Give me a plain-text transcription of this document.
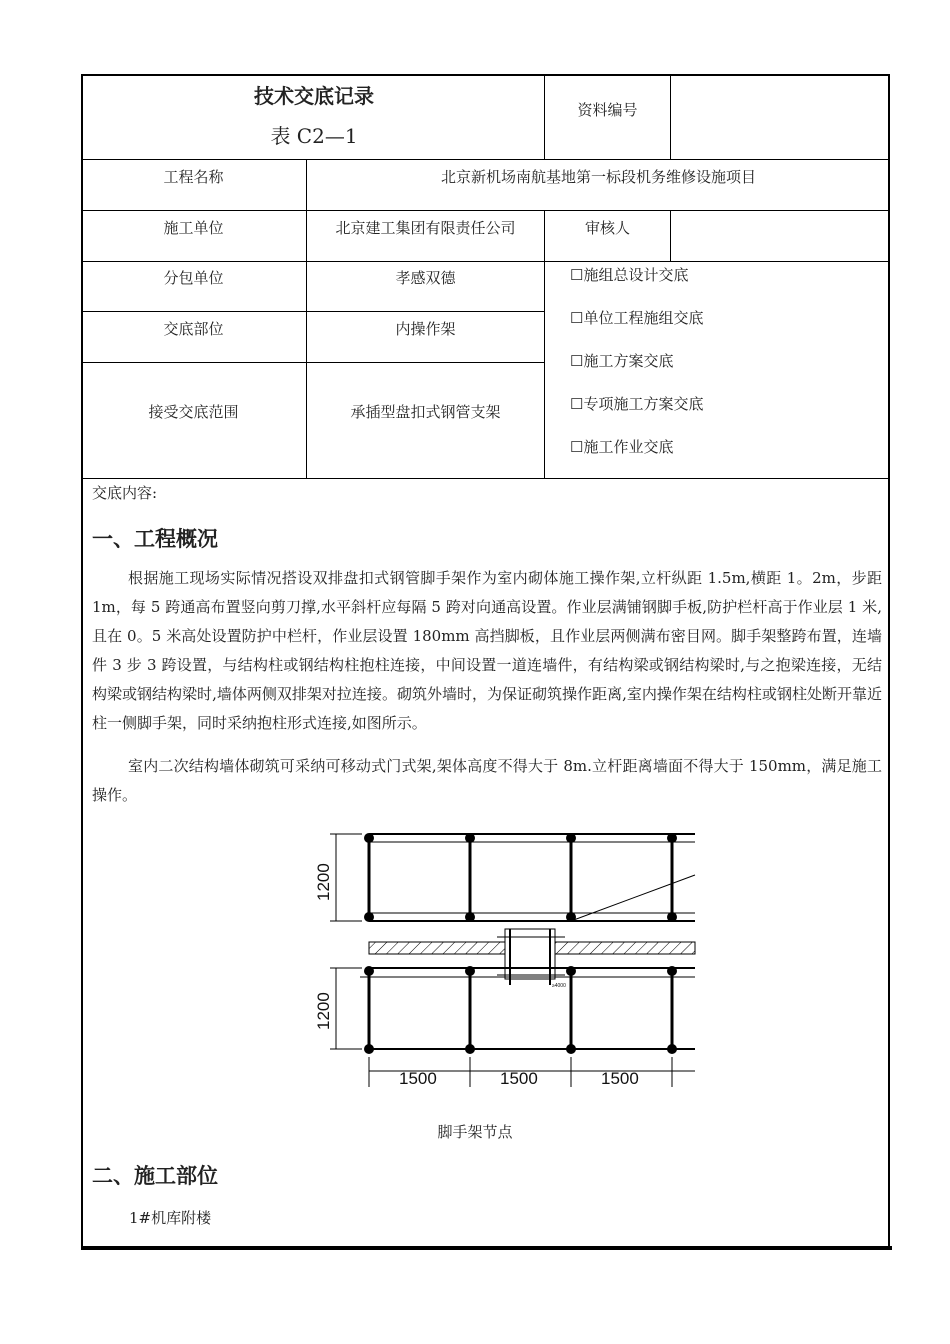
技术交底记录
表 C2—1
资料编号
工程名称	北京新机场南航基地第一标段机务维修设施项目
施工单位	北京建工集团有限责任公司	审核人
分包单位	孝感双德
交底部位	内操作架
接受交底范围	承插型盘扣式钢管支架
☐施组总设计交底
☐单位工程施组交底
☐施工方案交底
☐专项施工方案交底
☐施工作业交底
交底内容:
一、工程概况
根据施工现场实际情况搭设双排盘扣式钢管脚手架作为室内砌体施工操作架,立杆纵距 1.5m,横距 1。2m，步距 1m，每 5 跨通高布置竖向剪刀撑,水平斜杆应每隔 5 跨对向通高设置。作业层满铺钢脚手板,防护栏杆高于作业层 1 米,且在 0。5 米高处设置防护中栏杆，作业层设置 180mm 高挡脚板，且作业层两侧满布密目网。脚手架整跨布置，连墙件 3 步 3 跨设置，与结构柱或钢结构柱抱柱连接，中间设置一道连墙件，有结构梁或钢结构梁时,与之抱梁连接，无结构梁或钢结构梁时,墙体两侧双排架对拉连接。砌筑外墙时，为保证砌筑操作距离,室内操作架在结构柱或钢柱处断开靠近柱一侧脚手架，同时采纳抱柱形式连接,如图所示。
室内二次结构墙体砌筑可采纳可移动式门式架,架体高度不得大于 8m.立杆距离墙面不得大于 150mm，满足施工操作。
1200
1200
1500	1500	1500
≥4000
脚手架节点
二、施工部位
1#机库附楼
